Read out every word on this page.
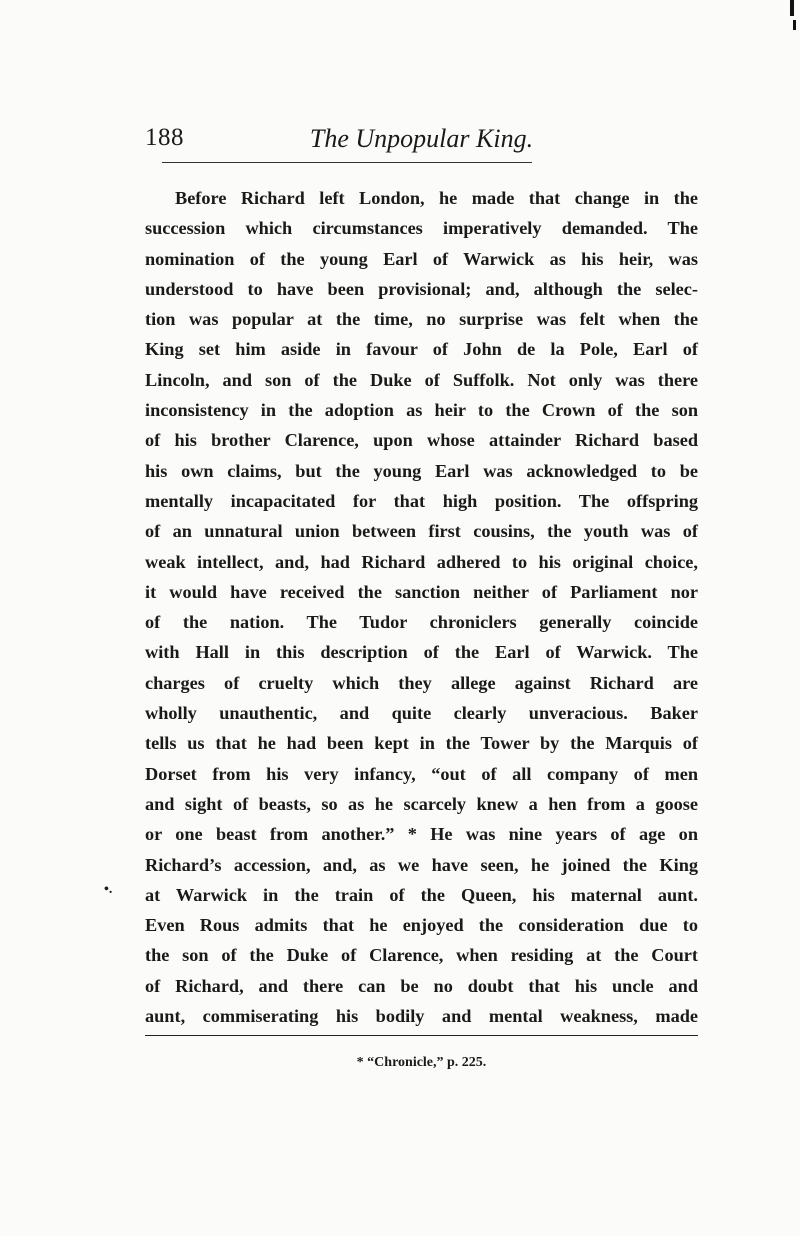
188	The Unpopular King.
Before Richard left London, he made that change in the
succession which circumstances imperatively demanded. The
nomination of the young Earl of Warwick as his heir, was
understood to have been provisional; and, although the selec-
tion was popular at the time, no surprise was felt when the
King set him aside in favour of John de la Pole, Earl of
Lincoln, and son of the Duke of Suffolk. Not only was there
inconsistency in the adoption as heir to the Crown of the son
of his brother Clarence, upon whose attainder Richard based
his own claims, but the young Earl was acknowledged to be
mentally incapacitated for that high position. The offspring
of an unnatural union between first cousins, the youth was of
weak intellect, and, had Richard adhered to his original choice,
it would have received the sanction neither of Parliament nor
of the nation. The Tudor chroniclers generally coincide
with Hall in this description of the Earl of Warwick. The
charges of cruelty which they allege against Richard are
wholly unauthentic, and quite clearly unveracious. Baker
tells us that he had been kept in the Tower by the Marquis of
Dorset from his very infancy, “out of all company of men
and sight of beasts, so as he scarcely knew a hen from a goose
or one beast from another.” * He was nine years of age on
Richard’s accession, and, as we have seen, he joined the King
at Warwick in the train of the Queen, his maternal aunt.
Even Rous admits that he enjoyed the consideration due to
the son of the Duke of Clarence, when residing at the Court
of Richard, and there can be no doubt that his uncle and
aunt, commiserating his bodily and mental weakness, made
•.
* “Chronicle,” p. 225.
